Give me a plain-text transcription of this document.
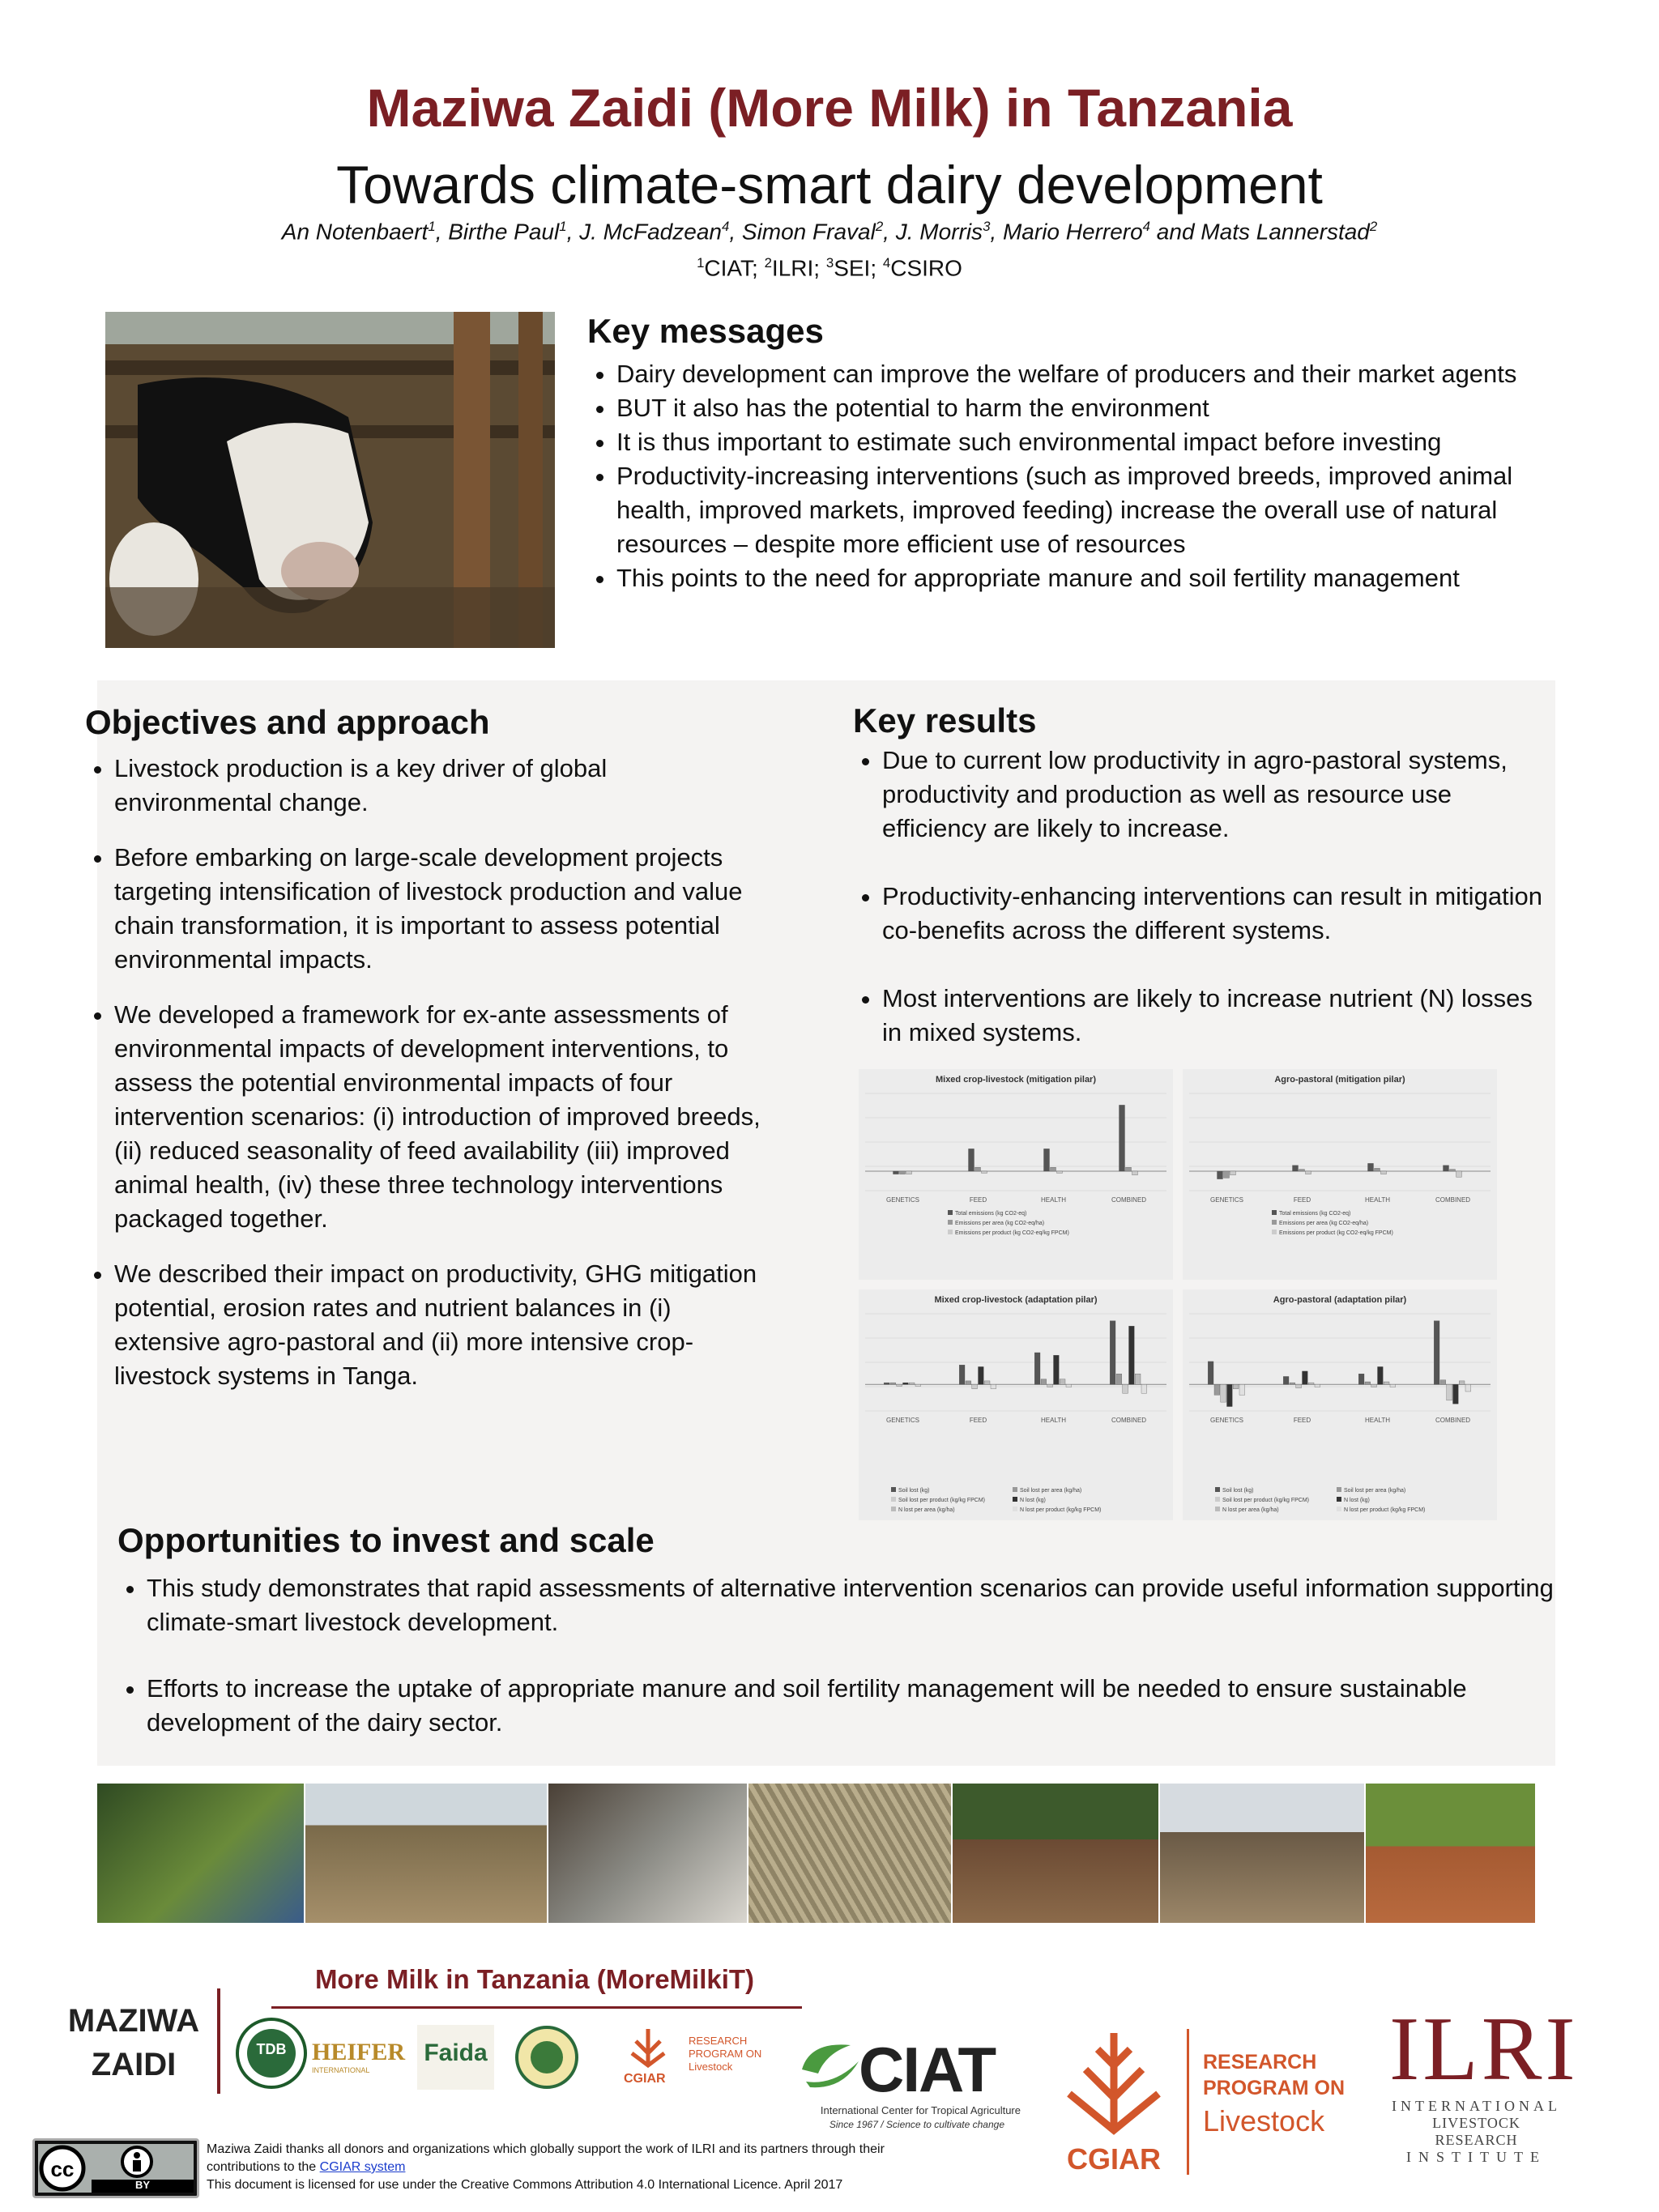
Maziwa Zaidi (More Milk) in Tanzania
Towards climate-smart dairy development
An Notenbaert$^1$, Birthe Paul$^1$, J. McFadzean$^4$, Simon Fraval$^2$, J. Morris$^3$, Mario Herrero$^4$ and Mats Lannerstad$^2$
$^1$CIAT; $^2$ILRI; $^3$SEI; $^4$CSIRO
Key messages
• Dairy development can improve the welfare of producers and their market agents
• BUT it also has the potential to harm the environment
• It is thus important to estimate such environmental impact before investing
• Productivity-increasing interventions (such as improved breeds, improved animal health, improved markets, improved feeding) increase the overall use of natural resources – despite more efficient use of resources
• This points to the need for appropriate manure and soil fertility management
Objectives and approach
• Livestock production is a key driver of global environmental change.
• Before embarking on large-scale development projects targeting intensification of livestock production and value chain transformation, it is important to assess potential environmental impacts.
• We developed a framework for ex-ante assessments of environmental impacts of development interventions, to assess the potential environmental impacts of four intervention scenarios: (i) introduction of improved breeds, (ii) reduced seasonality of feed availability (iii) improved animal health, (iv) these three technology interventions packaged together.
• We described their impact on productivity, GHG mitigation potential, erosion rates and nutrient balances in (i) extensive agro-pastoral and (ii) more intensive crop-livestock systems in Tanga.
Key results
• Due to current low productivity in agro-pastoral systems, productivity and production as well as resource use efficiency are likely to increase.
• Productivity-enhancing interventions can result in mitigation co-benefits across the different systems.
• Most interventions are likely to increase nutrient (N) losses in mixed systems.
Mixed crop-livestock (mitigation pilar)
GENETICS	FEED	HEALTH	COMBINED
Total emissions (kg CO2-eq)
Emissions per area (kg CO2-eq/ha)
Emissions per product (kg CO2-eq/kg FPCM)
Agro-pastoral (mitigation pilar)
GENETICS	FEED	HEALTH	COMBINED
Total emissions (kg CO2-eq)
Emissions per area (kg CO2-eq/ha)
Emissions per product (kg CO2-eq/kg FPCM)
Mixed crop-livestock (adaptation pilar)
GENETICS	FEED	HEALTH	COMBINED
Soil lost (kg)	Soil lost per area (kg/ha)
Soil lost per product (kg/kg FPCM)	N lost (kg)
N lost per area (kg/ha)	N lost per product (kg/kg FPCM)
Agro-pastoral (adaptation pilar)
GENETICS	FEED	HEALTH	COMBINED
Soil lost (kg)	Soil lost per area (kg/ha)
Soil lost per product (kg/kg FPCM)	N lost (kg)
N lost per area (kg/ha)	N lost per product (kg/kg FPCM)
Opportunities to invest and scale
• This study demonstrates that rapid assessments of alternative intervention scenarios can provide useful information supporting climate-smart livestock development.
• Efforts to increase the uptake of appropriate manure and soil fertility management will be needed to ensure sustainable development of the dairy sector.
MAZIWA
ZAIDI
More Milk in Tanzania (MoreMilkiT)
TDB	HEIFER
INTERNATIONAL
Faida
CGIAR
RESEARCH PROGRAM ON Livestock	CIAT
International Center for Tropical Agriculture
Since 1967 / Science to cultivate change
CGIAR
RESEARCH
PROGRAM ON
Livestock
ILRI
INTERNATIONAL
LIVESTOCK RESEARCH
INSTITUTE
cc
BY
Maziwa Zaidi thanks all donors and organizations which globally support the work of ILRI and its partners through their contributions to the CGIAR system
This document is licensed for use under the Creative Commons Attribution 4.0 International Licence. April 2017
